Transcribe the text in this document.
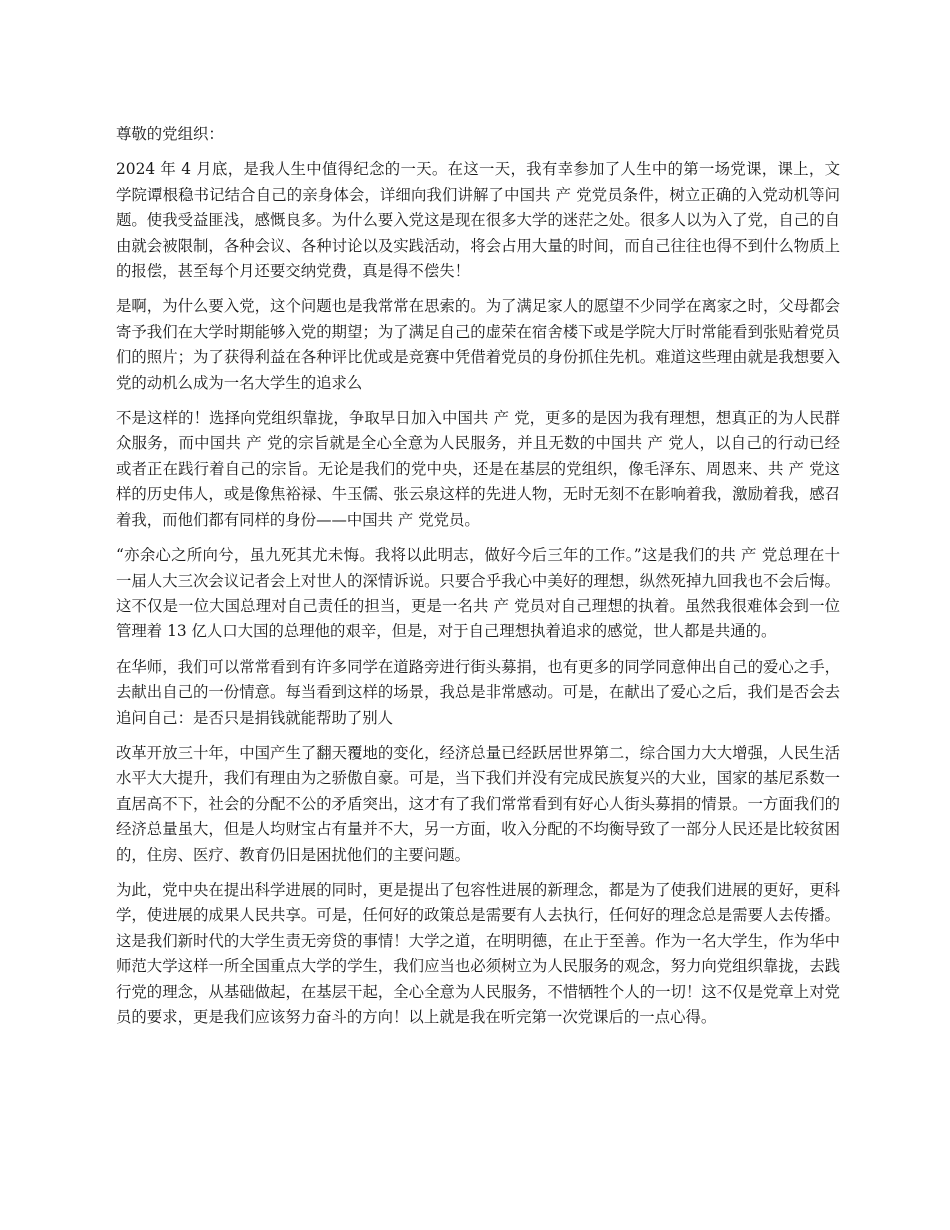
尊敬的党组织：

2024 年 4 月底，是我人生中值得纪念的一天。在这一天，我有幸参加了人生中的第一场党课，课上，文学院谭根稳书记结合自己的亲身体会，详细向我们讲解了中国共 产 党党员条件，树立正确的入党动机等问题。使我受益匪浅，感慨良多。为什么要入党这是现在很多大学的迷茫之处。很多人以为入了党，自己的自由就会被限制，各种会议、各种讨论以及实践活动，将会占用大量的时间，而自己往往也得不到什么物质上的报偿，甚至每个月还要交纳党费，真是得不偿失！

是啊，为什么要入党，这个问题也是我常常在思索的。为了满足家人的愿望不少同学在离家之时，父母都会寄予我们在大学时期能够入党的期望；为了满足自己的虚荣在宿舍楼下或是学院大厅时常能看到张贴着党员们的照片；为了获得利益在各种评比优或是竞赛中凭借着党员的身份抓住先机。难道这些理由就是我想要入党的动机么成为一名大学生的追求么

不是这样的！选择向党组织靠拢，争取早日加入中国共 产 党，更多的是因为我有理想，想真正的为人民群众服务，而中国共 产 党的宗旨就是全心全意为人民服务，并且无数的中国共 产 党人，以自己的行动已经或者正在践行着自己的宗旨。无论是我们的党中央，还是在基层的党组织，像毛泽东、周恩来、共 产 党这样的历史伟人，或是像焦裕禄、牛玉儒、张云泉这样的先进人物，无时无刻不在影响着我，激励着我，感召着我，而他们都有同样的身份——中国共 产 党党员。

“亦余心之所向兮，虽九死其尤未悔。我将以此明志，做好今后三年的工作。”这是我们的共 产 党总理在十一届人大三次会议记者会上对世人的深情诉说。只要合乎我心中美好的理想，纵然死掉九回我也不会后悔。这不仅是一位大国总理对自己责任的担当，更是一名共 产 党员对自己理想的执着。虽然我很难体会到一位管理着 13 亿人口大国的总理他的艰辛，但是，对于自己理想执着追求的感觉，世人都是共通的。

在华师，我们可以常常看到有许多同学在道路旁进行街头募捐，也有更多的同学同意伸出自己的爱心之手，去献出自己的一份情意。每当看到这样的场景，我总是非常感动。可是，在献出了爱心之后，我们是否会去追问自己：是否只是捐钱就能帮助了别人

改革开放三十年，中国产生了翻天覆地的变化，经济总量已经跃居世界第二，综合国力大大增强，人民生活水平大大提升，我们有理由为之骄傲自豪。可是，当下我们并没有完成民族复兴的大业，国家的基尼系数一直居高不下，社会的分配不公的矛盾突出，这才有了我们常常看到有好心人街头募捐的情景。一方面我们的经济总量虽大，但是人均财宝占有量并不大，另一方面，收入分配的不均衡导致了一部分人民还是比较贫困的，住房、医疗、教育仍旧是困扰他们的主要问题。

为此，党中央在提出科学进展的同时，更是提出了包容性进展的新理念，都是为了使我们进展的更好，更科学，使进展的成果人民共享。可是，任何好的政策总是需要有人去执行，任何好的理念总是需要人去传播。这是我们新时代的大学生责无旁贷的事情！大学之道，在明明德，在止于至善。作为一名大学生，作为华中师范大学这样一所全国重点大学的学生，我们应当也必须树立为人民服务的观念，努力向党组织靠拢，去践行党的理念，从基础做起，在基层干起，全心全意为人民服务，不惜牺牲个人的一切！这不仅是党章上对党员的要求，更是我们应该努力奋斗的方向！以上就是我在听完第一次党课后的一点心得。
